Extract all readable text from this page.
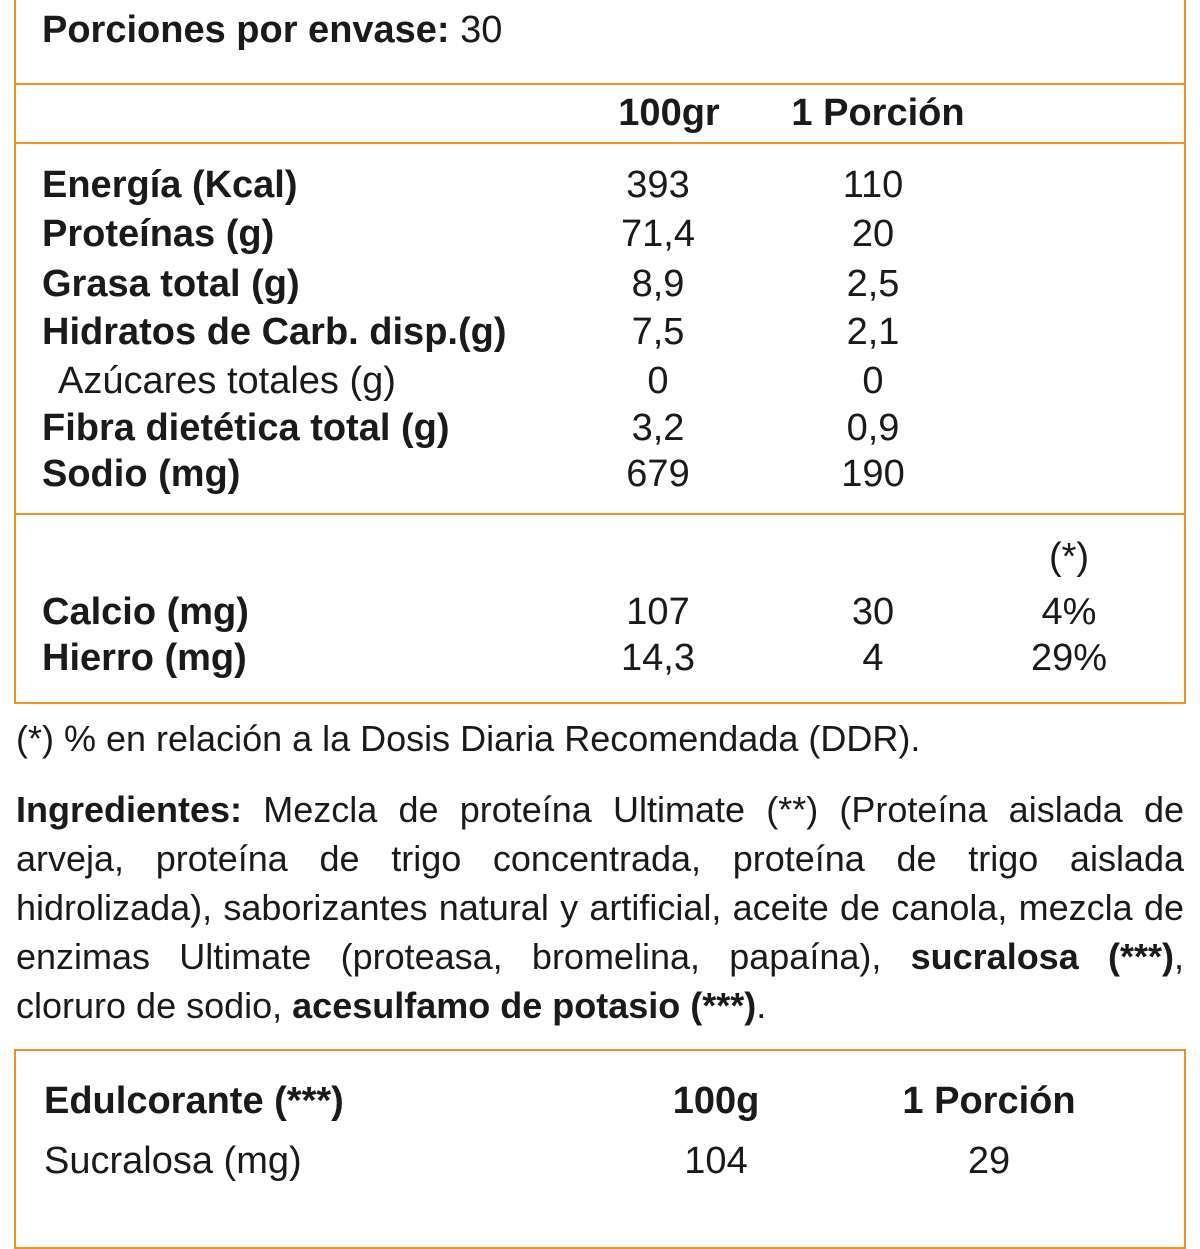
Porciones por envase: 30
100gr 1 Porción
Energía (Kcal)	393	110
Proteínas (g)	71,4	20
Grasa total (g)	8,9	2,5
Hidratos de Carb. disp.(g)	7,5	2,1
Azúcares totales (g)	0	0
Fibra dietética total (g)	3,2	0,9
Sodio (mg)	679	190
(*)
Calcio (mg)	107	30	4%
Hierro (mg)	14,3	4	29%
(*) % en relación a la Dosis Diaria Recomendada (DDR).
Ingredientes: Mezcla de proteína Ultimate (**) (Proteína aislada de arveja, proteína de trigo concentrada, proteína de trigo aislada hidrolizada), saborizantes natural y artificial, aceite de canola, mezcla de enzimas Ultimate (proteasa, bromelina, papaína), sucralosa (***), cloruro de sodio, acesulfamo de potasio (***).
Edulcorante (***)	100g	1 Porción
Sucralosa (mg)	104	29
